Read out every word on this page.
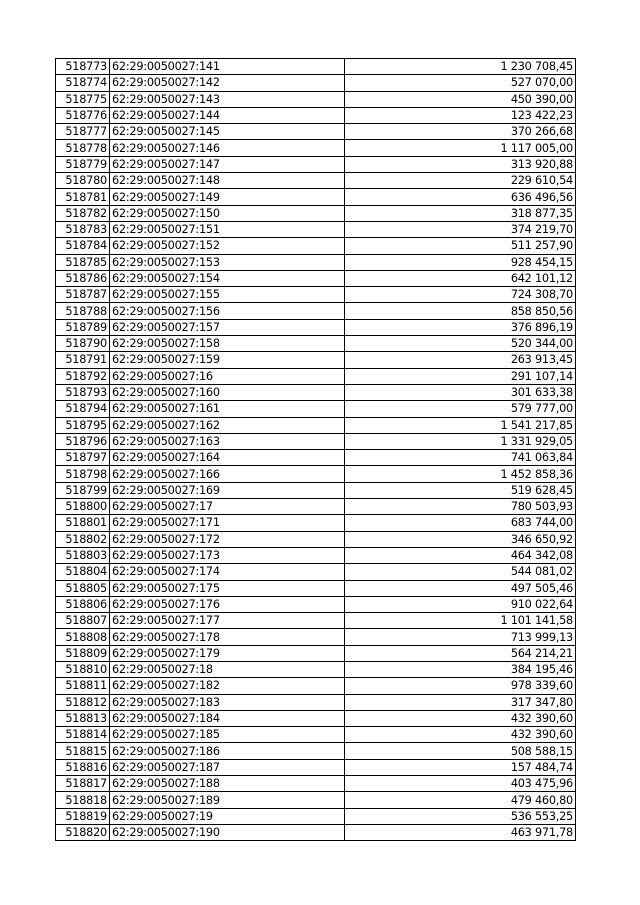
518773	62:29:0050027:141	1 230 708,45
518774	62:29:0050027:142	527 070,00
518775	62:29:0050027:143	450 390,00
518776	62:29:0050027:144	123 422,23
518777	62:29:0050027:145	370 266,68
518778	62:29:0050027:146	1 117 005,00
518779	62:29:0050027:147	313 920,88
518780	62:29:0050027:148	229 610,54
518781	62:29:0050027:149	636 496,56
518782	62:29:0050027:150	318 877,35
518783	62:29:0050027:151	374 219,70
518784	62:29:0050027:152	511 257,90
518785	62:29:0050027:153	928 454,15
518786	62:29:0050027:154	642 101,12
518787	62:29:0050027:155	724 308,70
518788	62:29:0050027:156	858 850,56
518789	62:29:0050027:157	376 896,19
518790	62:29:0050027:158	520 344,00
518791	62:29:0050027:159	263 913,45
518792	62:29:0050027:16	291 107,14
518793	62:29:0050027:160	301 633,38
518794	62:29:0050027:161	579 777,00
518795	62:29:0050027:162	1 541 217,85
518796	62:29:0050027:163	1 331 929,05
518797	62:29:0050027:164	741 063,84
518798	62:29:0050027:166	1 452 858,36
518799	62:29:0050027:169	519 628,45
518800	62:29:0050027:17	780 503,93
518801	62:29:0050027:171	683 744,00
518802	62:29:0050027:172	346 650,92
518803	62:29:0050027:173	464 342,08
518804	62:29:0050027:174	544 081,02
518805	62:29:0050027:175	497 505,46
518806	62:29:0050027:176	910 022,64
518807	62:29:0050027:177	1 101 141,58
518808	62:29:0050027:178	713 999,13
518809	62:29:0050027:179	564 214,21
518810	62:29:0050027:18	384 195,46
518811	62:29:0050027:182	978 339,60
518812	62:29:0050027:183	317 347,80
518813	62:29:0050027:184	432 390,60
518814	62:29:0050027:185	432 390,60
518815	62:29:0050027:186	508 588,15
518816	62:29:0050027:187	157 484,74
518817	62:29:0050027:188	403 475,96
518818	62:29:0050027:189	479 460,80
518819	62:29:0050027:19	536 553,25
518820	62:29:0050027:190	463 971,78
